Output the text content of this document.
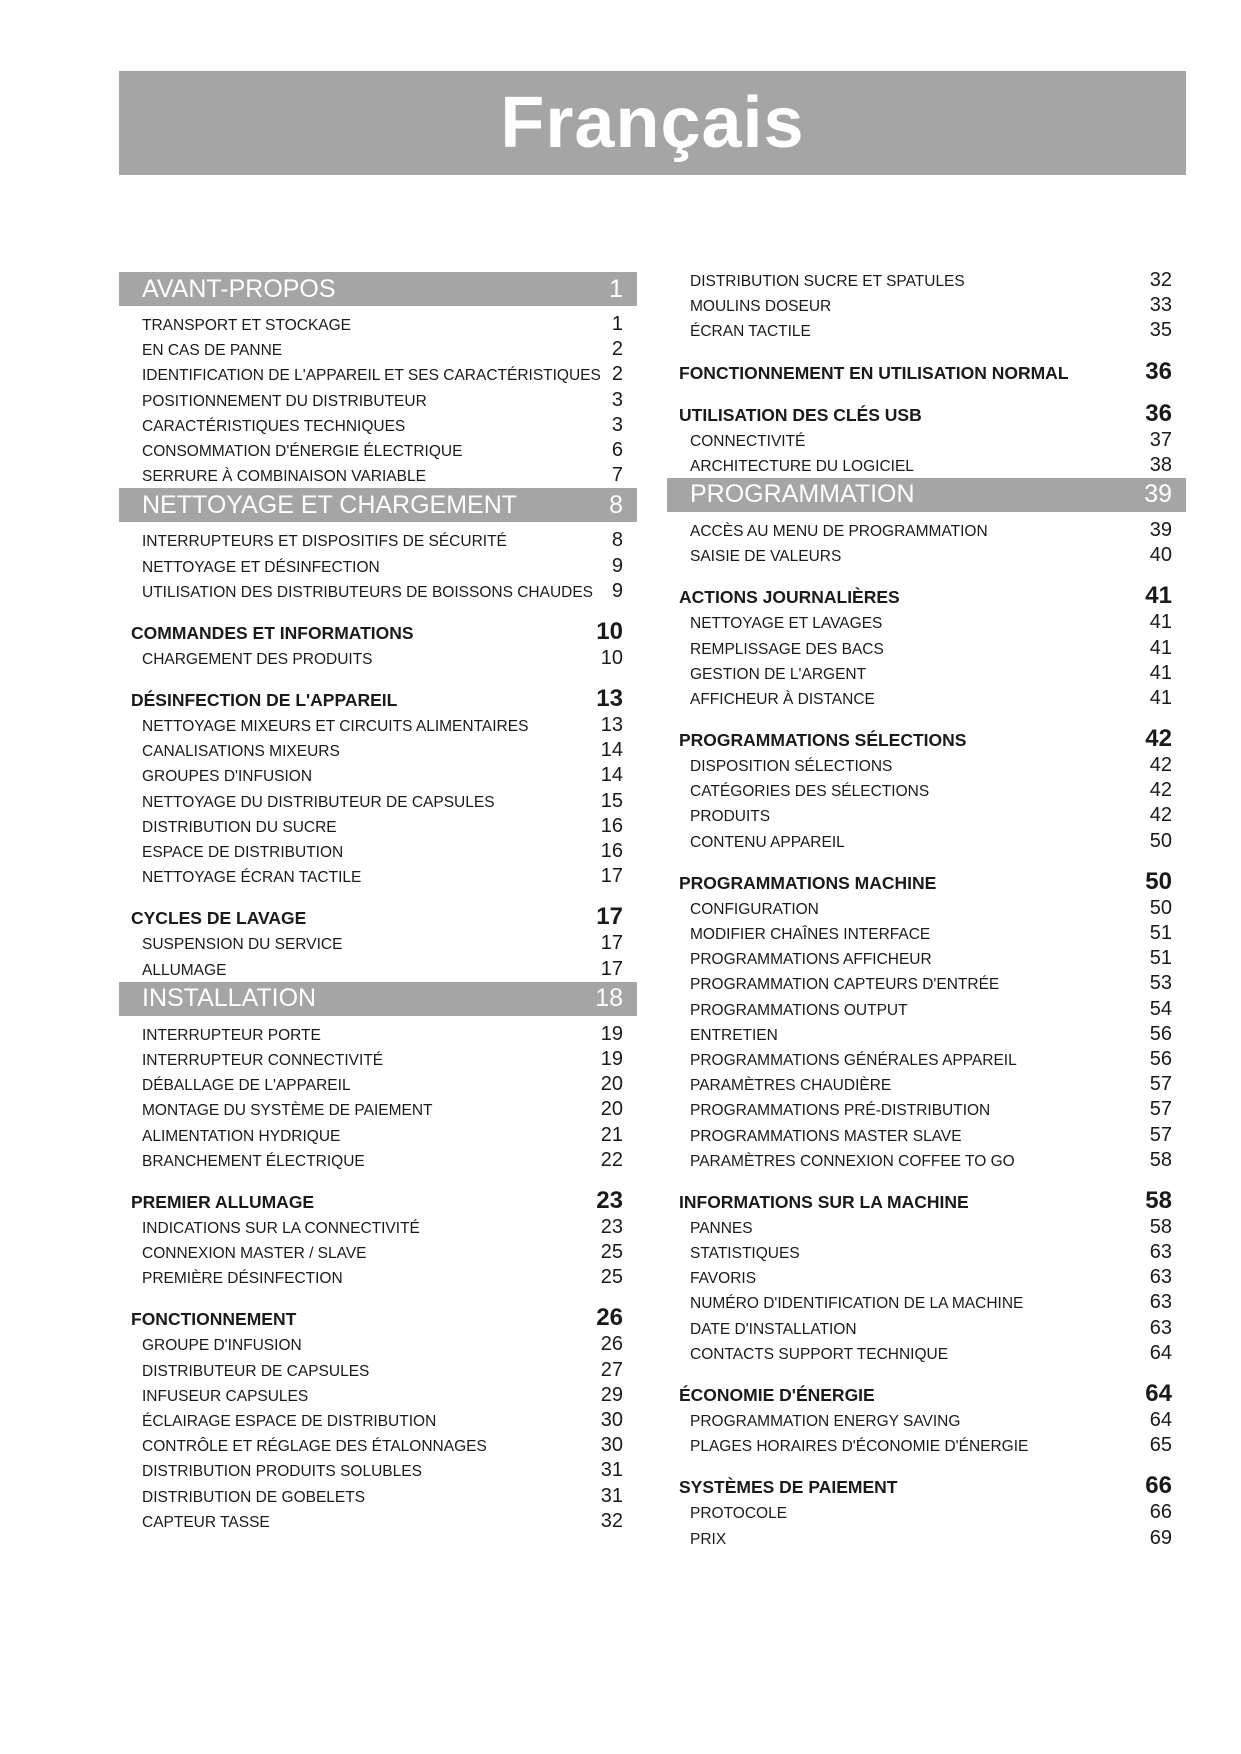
Français
AVANT-PROPOS	1
TRANSPORT ET STOCKAGE	1
EN CAS DE PANNE	2
IDENTIFICATION DE L'APPAREIL ET SES CARACTÉRISTIQUES 2
POSITIONNEMENT DU DISTRIBUTEUR	3
CARACTÉRISTIQUES TECHNIQUES	3
CONSOMMATION D'ÉNERGIE ÉLECTRIQUE	6
SERRURE À COMBINAISON VARIABLE	7
NETTOYAGE ET CHARGEMENT	8
INTERRUPTEURS ET DISPOSITIFS DE SÉCURITÉ	8
NETTOYAGE ET DÉSINFECTION	9
UTILISATION DES DISTRIBUTEURS DE BOISSONS CHAUDES 9
COMMANDES ET INFORMATIONS	10
CHARGEMENT DES PRODUITS	10
DÉSINFECTION DE L'APPAREIL	13
NETTOYAGE MIXEURS ET CIRCUITS ALIMENTAIRES	13
CANALISATIONS MIXEURS	14
GROUPES D'INFUSION	14
NETTOYAGE DU DISTRIBUTEUR DE CAPSULES	15
DISTRIBUTION DU SUCRE	16
ESPACE DE DISTRIBUTION	16
NETTOYAGE ÉCRAN TACTILE	17
CYCLES DE LAVAGE	17
SUSPENSION DU SERVICE	17
ALLUMAGE	17
INSTALLATION	18
INTERRUPTEUR PORTE	19
INTERRUPTEUR CONNECTIVITÉ	19
DÉBALLAGE DE L'APPAREIL	20
MONTAGE DU SYSTÈME DE PAIEMENT	20
ALIMENTATION HYDRIQUE	21
BRANCHEMENT ÉLECTRIQUE	22
PREMIER ALLUMAGE	23
INDICATIONS SUR LA CONNECTIVITÉ	23
CONNEXION MASTER / SLAVE	25
PREMIÈRE DÉSINFECTION	25
FONCTIONNEMENT	26
GROUPE D'INFUSION	26
DISTRIBUTEUR DE CAPSULES	27
INFUSEUR CAPSULES	29
ÉCLAIRAGE ESPACE DE DISTRIBUTION	30
CONTRÔLE ET RÉGLAGE DES ÉTALONNAGES	30
DISTRIBUTION PRODUITS SOLUBLES	31
DISTRIBUTION DE GOBELETS	31
CAPTEUR TASSE	32
DISTRIBUTION SUCRE ET SPATULES	32
MOULINS DOSEUR	33
ÉCRAN TACTILE	35
FONCTIONNEMENT EN UTILISATION NORMAL	36
UTILISATION DES CLÉS USB	36
CONNECTIVITÉ	37
ARCHITECTURE DU LOGICIEL	38
PROGRAMMATION	39
ACCÈS AU MENU DE PROGRAMMATION	39
SAISIE DE VALEURS	40
ACTIONS JOURNALIÈRES	41
NETTOYAGE ET LAVAGES	41
REMPLISSAGE DES BACS	41
GESTION DE L'ARGENT	41
AFFICHEUR À DISTANCE	41
PROGRAMMATIONS SÉLECTIONS	42
DISPOSITION SÉLECTIONS	42
CATÉGORIES DES SÉLECTIONS	42
PRODUITS	42
CONTENU APPAREIL	50
PROGRAMMATIONS MACHINE	50
CONFIGURATION	50
MODIFIER CHAÎNES INTERFACE	51
PROGRAMMATIONS AFFICHEUR	51
PROGRAMMATION CAPTEURS D'ENTRÉE	53
PROGRAMMATIONS OUTPUT	54
ENTRETIEN	56
PROGRAMMATIONS GÉNÉRALES APPAREIL	56
PARAMÈTRES CHAUDIÈRE	57
PROGRAMMATIONS PRÉ-DISTRIBUTION	57
PROGRAMMATIONS MASTER SLAVE	57
PARAMÈTRES CONNEXION COFFEE TO GO	58
INFORMATIONS SUR LA MACHINE	58
PANNES	58
STATISTIQUES	63
FAVORIS	63
NUMÉRO D'IDENTIFICATION DE LA MACHINE	63
DATE D'INSTALLATION	63
CONTACTS SUPPORT TECHNIQUE	64
ÉCONOMIE D'ÉNERGIE	64
PROGRAMMATION ENERGY SAVING	64
PLAGES HORAIRES D'ÉCONOMIE D'ÉNERGIE	65
SYSTÈMES DE PAIEMENT	66
PROTOCOLE	66
PRIX	69
